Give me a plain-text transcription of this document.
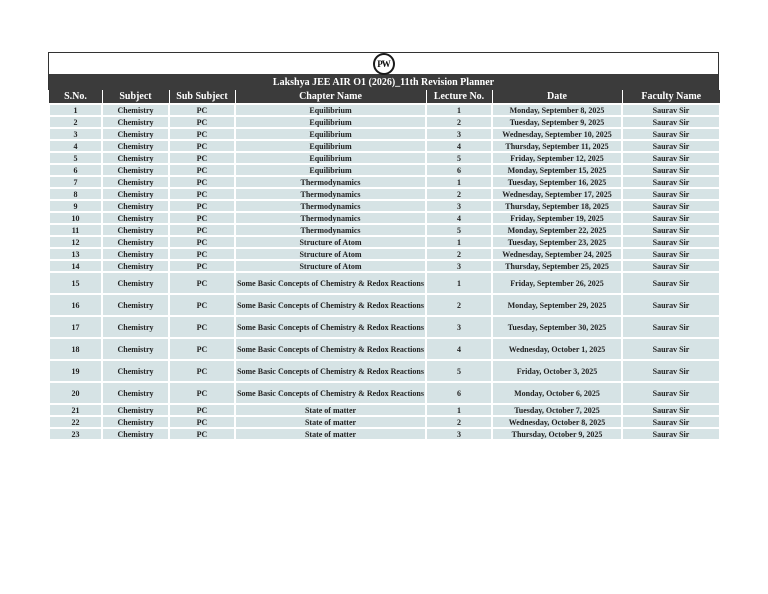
PW
Lakshya JEE AIR O1 (2026)_11th Revision Planner
S.No.	Subject	Sub Subject	Chapter Name	Lecture No.	Date	Faculty Name
1	Chemistry	PC	Equilibrium	1	Monday, September 8, 2025	Saurav Sir
2	Chemistry	PC	Equilibrium	2	Tuesday, September 9, 2025	Saurav Sir
3	Chemistry	PC	Equilibrium	3	Wednesday, September 10, 2025	Saurav Sir
4	Chemistry	PC	Equilibrium	4	Thursday, September 11, 2025	Saurav Sir
5	Chemistry	PC	Equilibrium	5	Friday, September 12, 2025	Saurav Sir
6	Chemistry	PC	Equilibrium	6	Monday, September 15, 2025	Saurav Sir
7	Chemistry	PC	Thermodynamics	1	Tuesday, September 16, 2025	Saurav Sir
8	Chemistry	PC	Thermodynamics	2	Wednesday, September 17, 2025	Saurav Sir
9	Chemistry	PC	Thermodynamics	3	Thursday, September 18, 2025	Saurav Sir
10	Chemistry	PC	Thermodynamics	4	Friday, September 19, 2025	Saurav Sir
11	Chemistry	PC	Thermodynamics	5	Monday, September 22, 2025	Saurav Sir
12	Chemistry	PC	Structure of Atom	1	Tuesday, September 23, 2025	Saurav Sir
13	Chemistry	PC	Structure of Atom	2	Wednesday, September 24, 2025	Saurav Sir
14	Chemistry	PC	Structure of Atom	3	Thursday, September 25, 2025	Saurav Sir
15	Chemistry	PC	Some Basic Concepts of Chemistry & Redox Reactions	1	Friday, September 26, 2025	Saurav Sir
16	Chemistry	PC	Some Basic Concepts of Chemistry & Redox Reactions	2	Monday, September 29, 2025	Saurav Sir
17	Chemistry	PC	Some Basic Concepts of Chemistry & Redox Reactions	3	Tuesday, September 30, 2025	Saurav Sir
18	Chemistry	PC	Some Basic Concepts of Chemistry & Redox Reactions	4	Wednesday, October 1, 2025	Saurav Sir
19	Chemistry	PC	Some Basic Concepts of Chemistry & Redox Reactions	5	Friday, October 3, 2025	Saurav Sir
20	Chemistry	PC	Some Basic Concepts of Chemistry & Redox Reactions	6	Monday, October 6, 2025	Saurav Sir
21	Chemistry	PC	State of matter	1	Tuesday, October 7, 2025	Saurav Sir
22	Chemistry	PC	State of matter	2	Wednesday, October 8, 2025	Saurav Sir
23	Chemistry	PC	State of matter	3	Thursday, October 9, 2025	Saurav Sir
